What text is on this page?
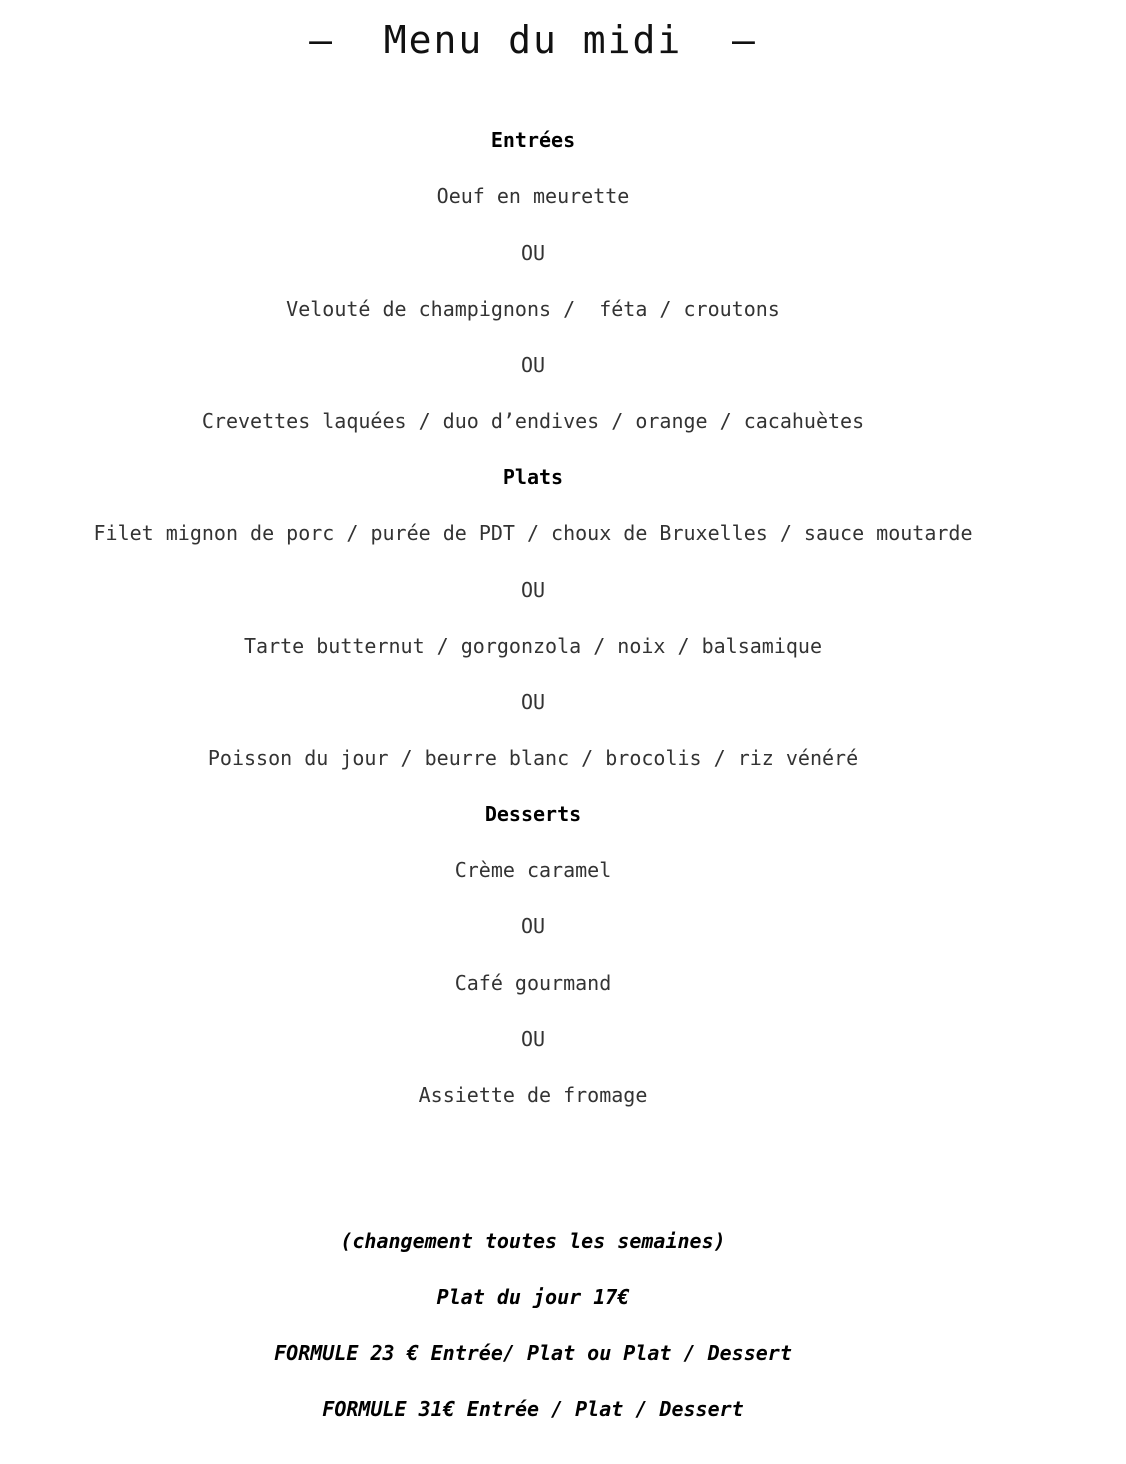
—  Menu du midi  —
Entrées
Oeuf en meurette
OU
Velouté de champignons /  féta / croutons
OU
Crevettes laquées / duo d’endives / orange / cacahuètes
Plats
Filet mignon de porc / purée de PDT / choux de Bruxelles / sauce moutarde
OU
Tarte butternut / gorgonzola / noix / balsamique
OU
Poisson du jour / beurre blanc / brocolis / riz vénéré
Desserts
Crème caramel
OU
Café gourmand
OU
Assiette de fromage
(changement toutes les semaines)
Plat du jour 17€
FORMULE 23 € Entrée/ Plat ou Plat / Dessert
FORMULE 31€ Entrée / Plat / Dessert
